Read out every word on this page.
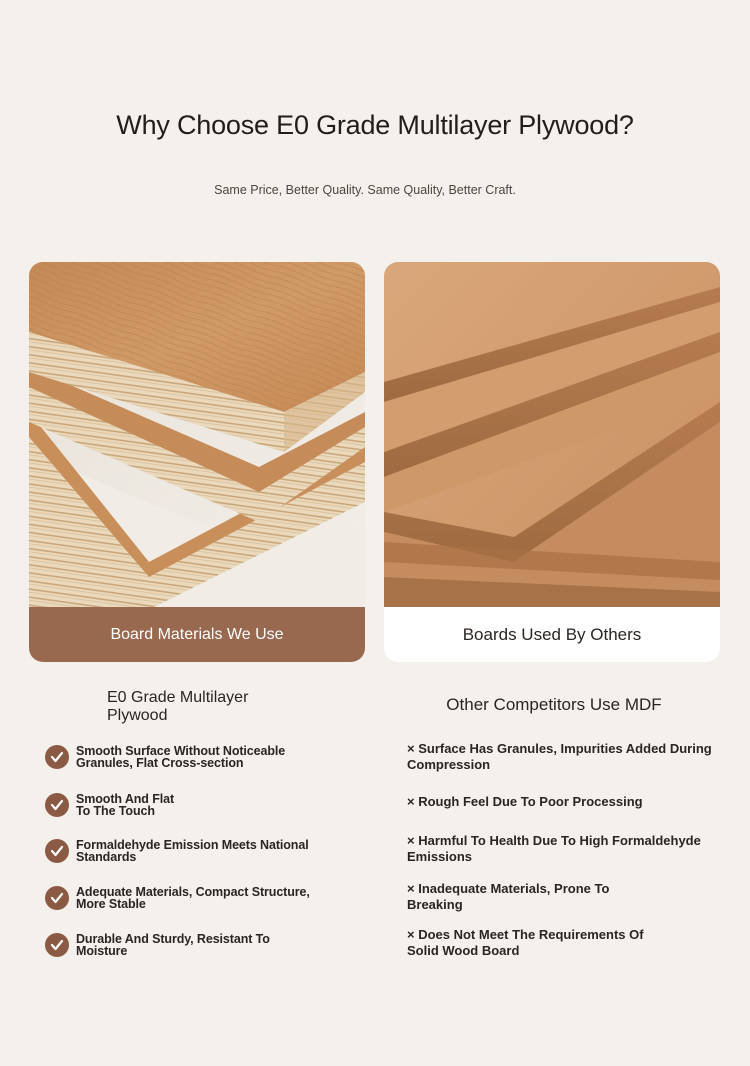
Why Choose E0 Grade Multilayer Plywood?
Same Price, Better Quality. Same Quality, Better Craft.
Board Materials We Use	Boards Used By Others
E0 Grade Multilayer Plywood
Other Competitors Use MDF
Smooth Surface Without Noticeable Granules, Flat Cross-section
Smooth And Flat To The Touch
Formaldehyde Emission Meets National Standards
Adequate Materials, Compact Structure, More Stable
Durable And Sturdy, Resistant To Moisture
× Surface Has Granules, Impurities Added During Compression
× Rough Feel Due To Poor Processing
× Harmful To Health Due To High Formaldehyde Emissions
× Inadequate Materials, Prone To Breaking
× Does Not Meet The Requirements Of Solid Wood Board
